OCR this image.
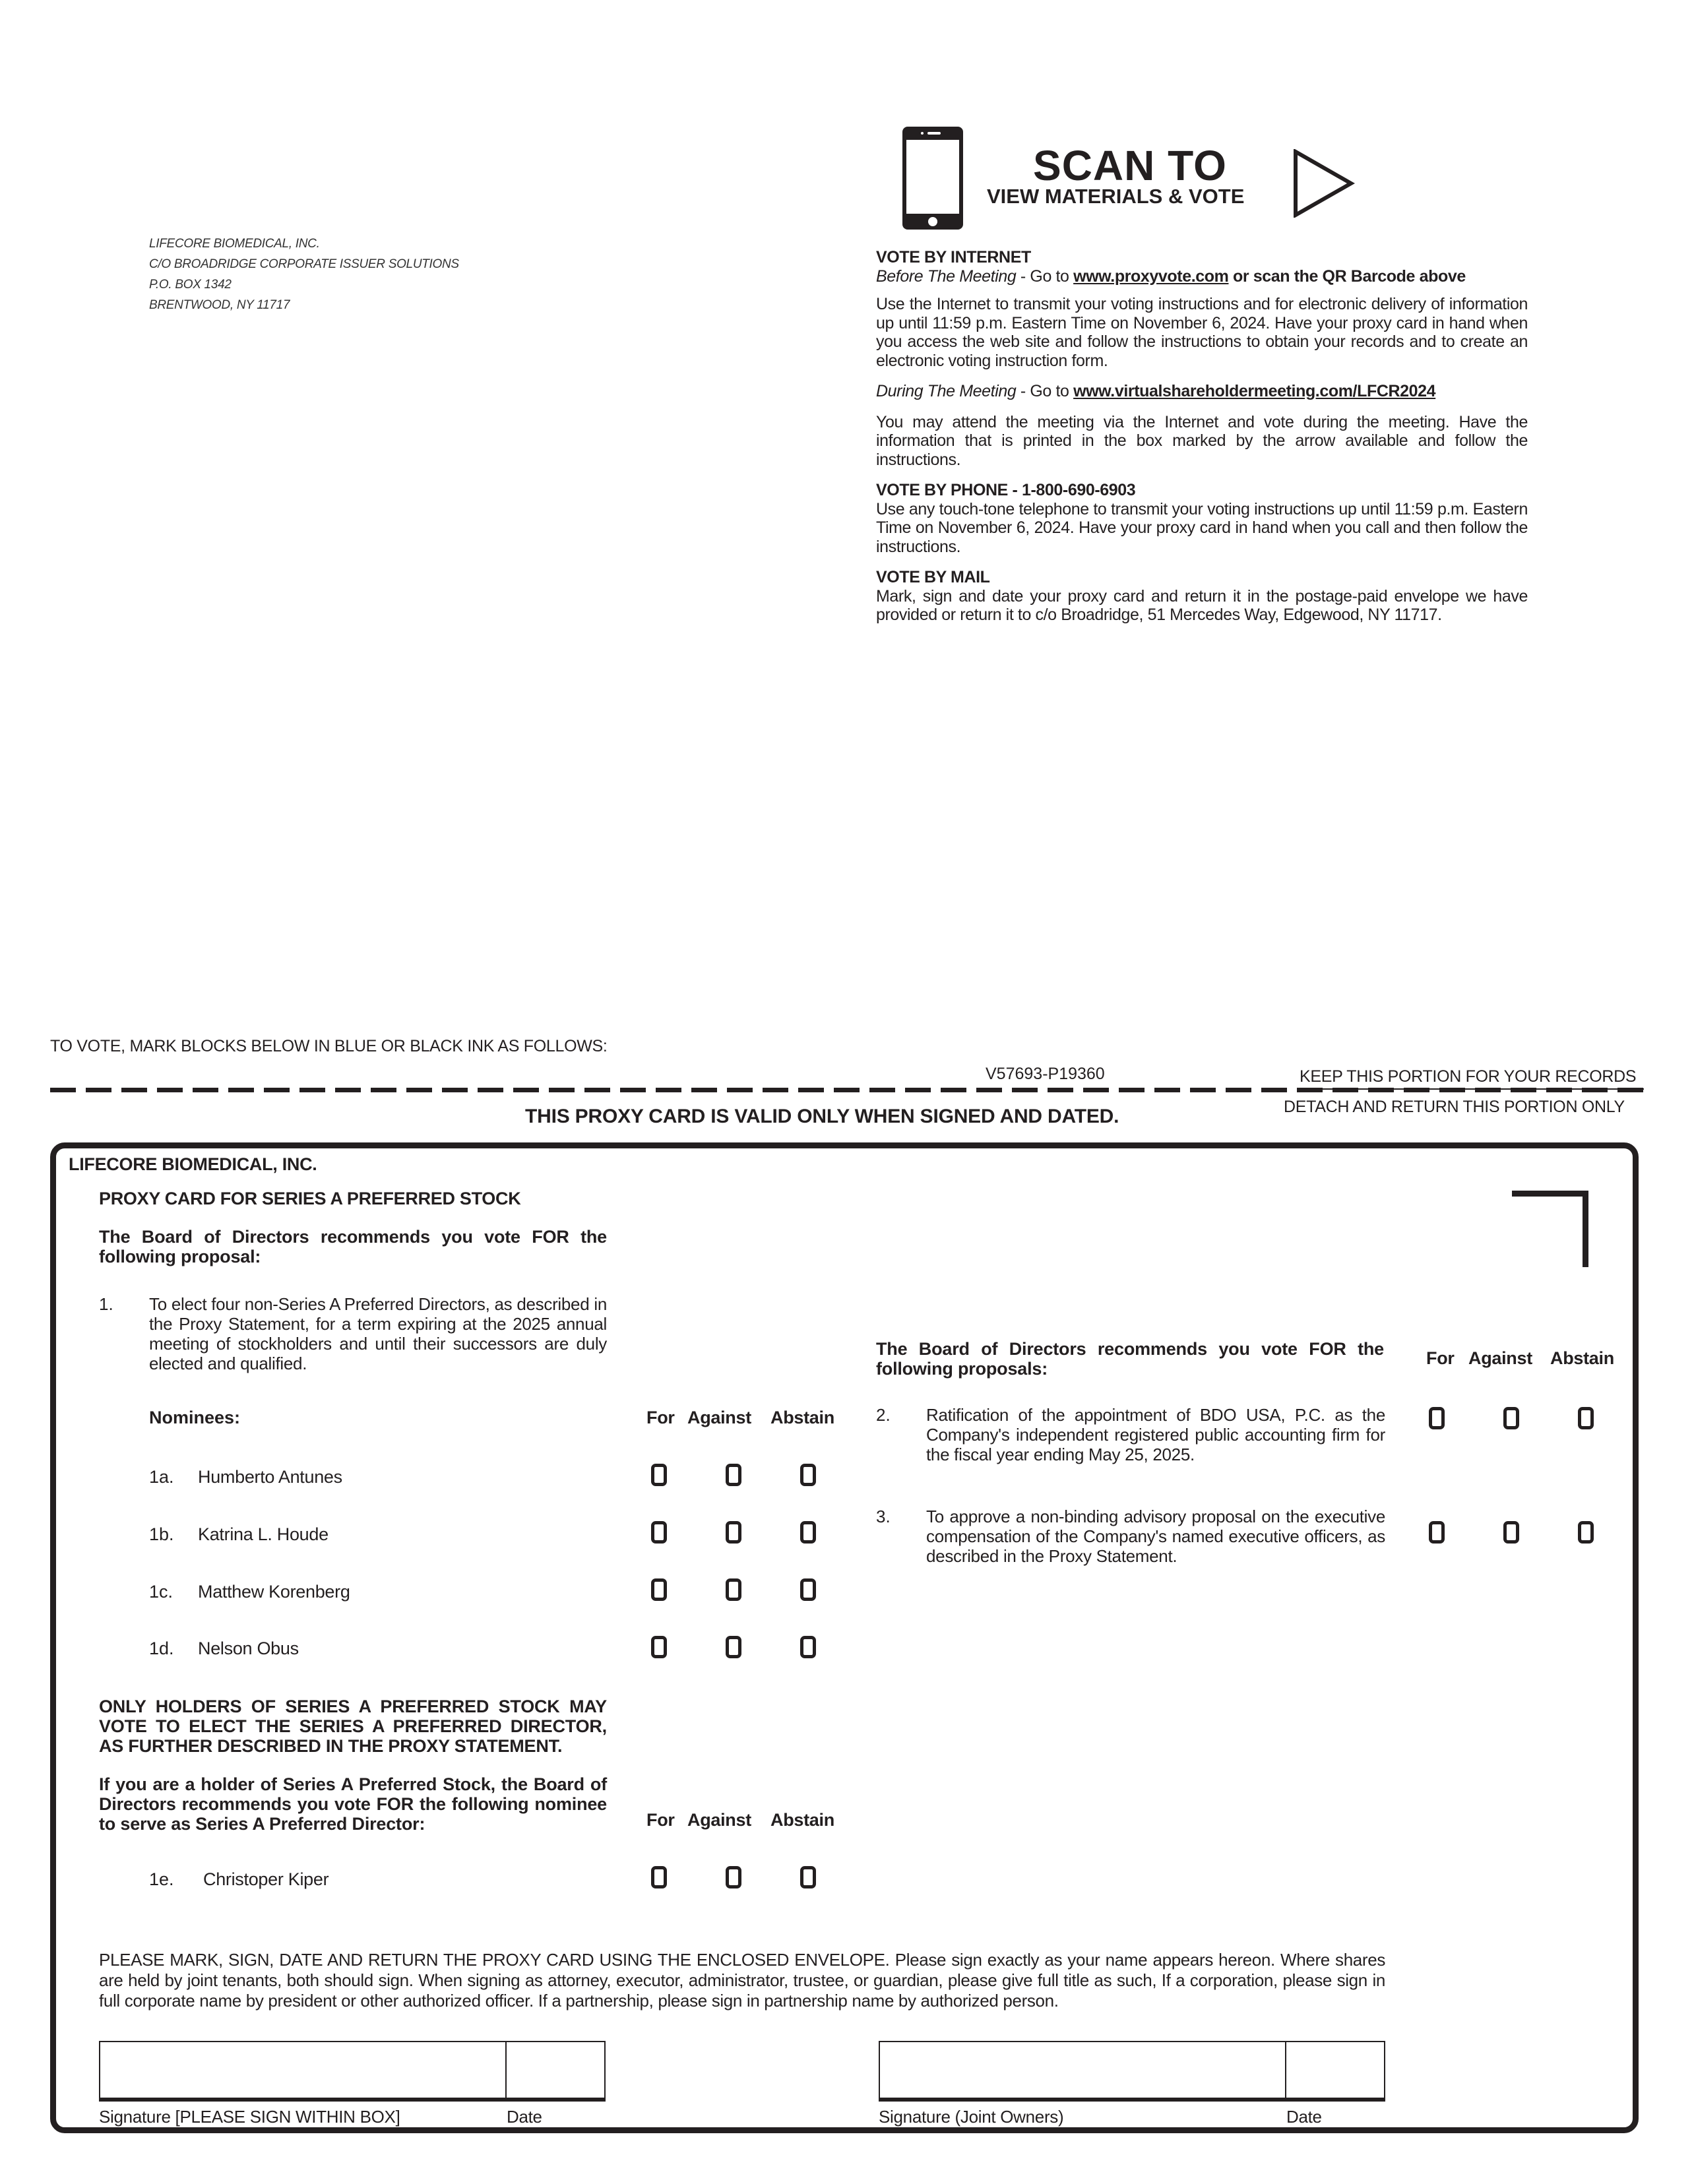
LIFECORE BIOMEDICAL, INC.
C/O BROADRIDGE CORPORATE ISSUER SOLUTIONS
P.O. BOX 1342
BRENTWOOD, NY 11717
SCAN TO
VIEW MATERIALS & VOTE
VOTE BY INTERNET
Before The Meeting - Go to www.proxyvote.com or scan the QR Barcode above

Use the Internet to transmit your voting instructions and for electronic delivery of information up until 11:59 p.m. Eastern Time on November 6, 2024. Have your proxy card in hand when you access the web site and follow the instructions to obtain your records and to create an electronic voting instruction form.

During The Meeting - Go to www.virtualshareholdermeeting.com/LFCR2024

You may attend the meeting via the Internet and vote during the meeting. Have the information that is printed in the box marked by the arrow available and follow the instructions.

VOTE BY PHONE - 1-800-690-6903

Use any touch-tone telephone to transmit your voting instructions up until 11:59 p.m. Eastern Time on November 6, 2024. Have your proxy card in hand when you call and then follow the instructions.

VOTE BY MAIL

Mark, sign and date your proxy card and return it in the postage-paid envelope we have provided or return it to c/o Broadridge, 51 Mercedes Way, Edgewood, NY 11717.

TO VOTE, MARK BLOCKS BELOW IN BLUE OR BLACK INK AS FOLLOWS:
V57693-P19360	KEEP THIS PORTION FOR YOUR RECORDS
DETACH AND RETURN THIS PORTION ONLY
THIS PROXY CARD IS VALID ONLY WHEN SIGNED AND DATED.
LIFECORE BIOMEDICAL, INC.
PROXY CARD FOR SERIES A PREFERRED STOCK
The Board of Directors recommends you vote FOR the following proposal:
1. To elect four non-Series A Preferred Directors, as described in the Proxy Statement, for a term expiring at the 2025 annual meeting of stockholders and until their successors are duly elected and qualified.
Nominees:	For Against Abstain
1a. Humberto Antunes
1b. Katrina L. Houde
1c. Matthew Korenberg
1d. Nelson Obus
ONLY HOLDERS OF SERIES A PREFERRED STOCK MAY VOTE TO ELECT THE SERIES A PREFERRED DIRECTOR, AS FURTHER DESCRIBED IN THE PROXY STATEMENT.
If you are a holder of Series A Preferred Stock, the Board of Directors recommends you vote FOR the following nominee to serve as Series A Preferred Director:	For Against Abstain
1e. Christoper Kiper
The Board of Directors recommends you vote FOR the following proposals:
For Against Abstain
2. Ratification of the appointment of BDO USA, P.C. as the Company's independent registered public accounting firm for the fiscal year ending May 25, 2025.
3. To approve a non-binding advisory proposal on the executive compensation of the Company's named executive officers, as described in the Proxy Statement.
PLEASE MARK, SIGN, DATE AND RETURN THE PROXY CARD USING THE ENCLOSED ENVELOPE. Please sign exactly as your name appears hereon. Where shares are held by joint tenants, both should sign. When signing as attorney, executor, administrator, trustee, or guardian, please give full title as such, If a corporation, please sign in full corporate name by president or other authorized officer. If a partnership, please sign in partnership name by authorized person.
Signature [PLEASE SIGN WITHIN BOX]	Date	Signature (Joint Owners)	Date
